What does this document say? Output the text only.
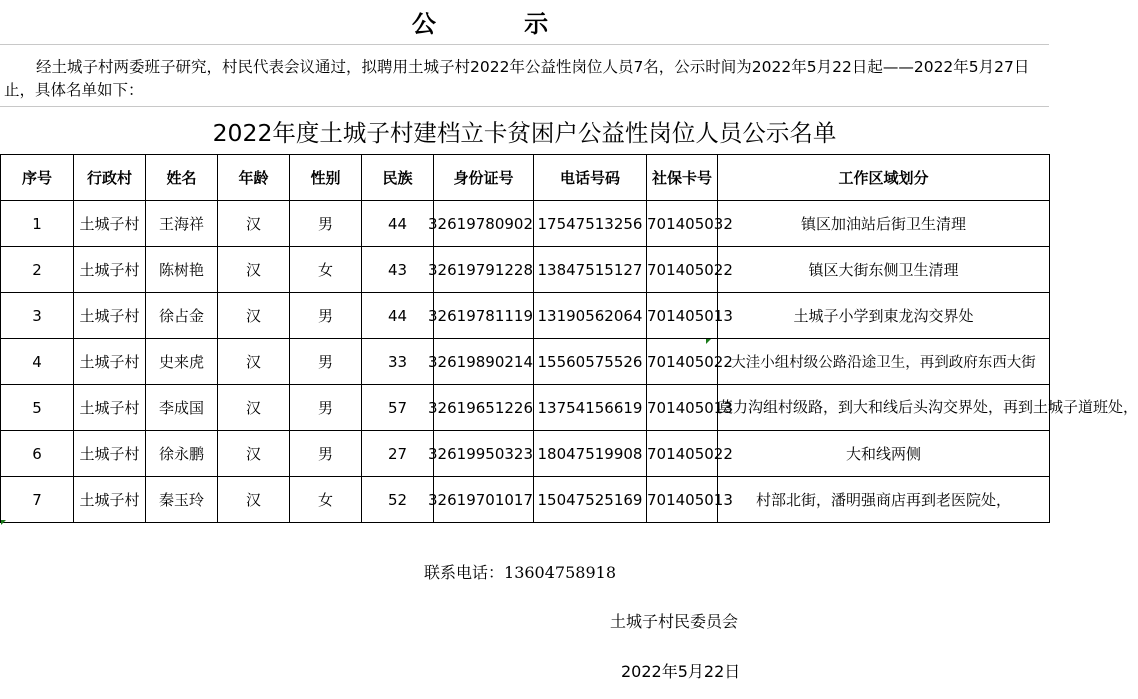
公 示
经土城子村两委班子研究，村民代表会议通过，拟聘用土城子村2022年公益性岗位人员7名，公示时间为2022年5月22日起——2022年5月27日止，具体名单如下：
2022年度土城子村建档立卡贫困户公益性岗位人员公示名单
序号	行政村	姓名	年龄	性别	民族	身份证号	电话号码	社保卡号	工作区域划分
1	土城子村	王海祥	汉	男	44	32619780902	17547513256	701405032	镇区加油站后街卫生清理
2	土城子村	陈树艳	汉	女	43	32619791228	13847515127	701405022	镇区大街东侧卫生清理
3	土城子村	徐占金	汉	男	44	32619781119	13190562064	701405013	土城子小学到東龙沟交界处
4	土城子村	史来虎	汉	男	33	32619890214	15560575526	701405022	大洼小组村级公路沿途卫生，再到政府东西大街
5	土城子村	李成国	汉	男	57	32619651226	13754156619	701405013	莫力沟组村级路，到大和线后头沟交界处，再到土城子道班处，
6	土城子村	徐永鹏	汉	男	27	32619950323	18047519908	701405022	大和线两侧
7	土城子村	秦玉玲	汉	女	52	32619701017	15047525169	701405013	村部北街，潘明强商店再到老医院处，
联系电话：13604758918
土城子村民委员会
2022年5月22日
